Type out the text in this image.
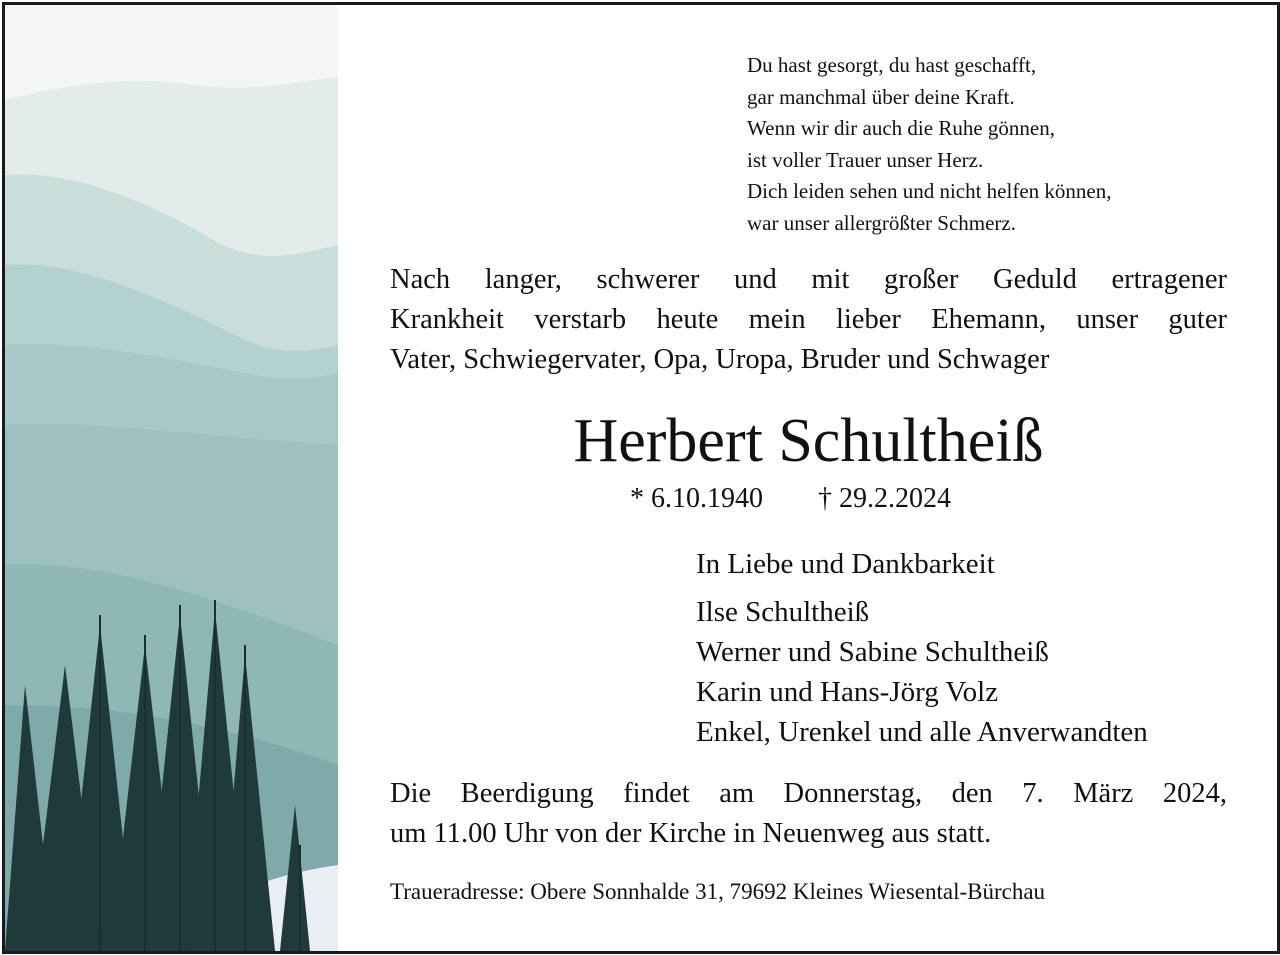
Du hast gesorgt, du hast geschafft,
gar manchmal über deine Kraft.
Wenn wir dir auch die Ruhe gönnen,
ist voller Trauer unser Herz.
Dich leiden sehen und nicht helfen können,
war unser allergrößter Schmerz.
Nach langer, schwerer und mit großer Geduld ertragener
Krankheit verstarb heute mein lieber Ehemann, unser guter
Vater, Schwiegervater, Opa, Uropa, Bruder und Schwager
Herbert Schultheiß
* 6.10.1940 † 29.2.2024
In Liebe und Dankbarkeit
Ilse Schultheiß
Werner und Sabine Schultheiß
Karin und Hans-Jörg Volz
Enkel, Urenkel und alle Anverwandten
Die Beerdigung findet am Donnerstag, den 7. März 2024,
um 11.00 Uhr von der Kirche in Neuenweg aus statt.
Traueradresse: Obere Sonnhalde 31, 79692 Kleines Wiesental-Bürchau
